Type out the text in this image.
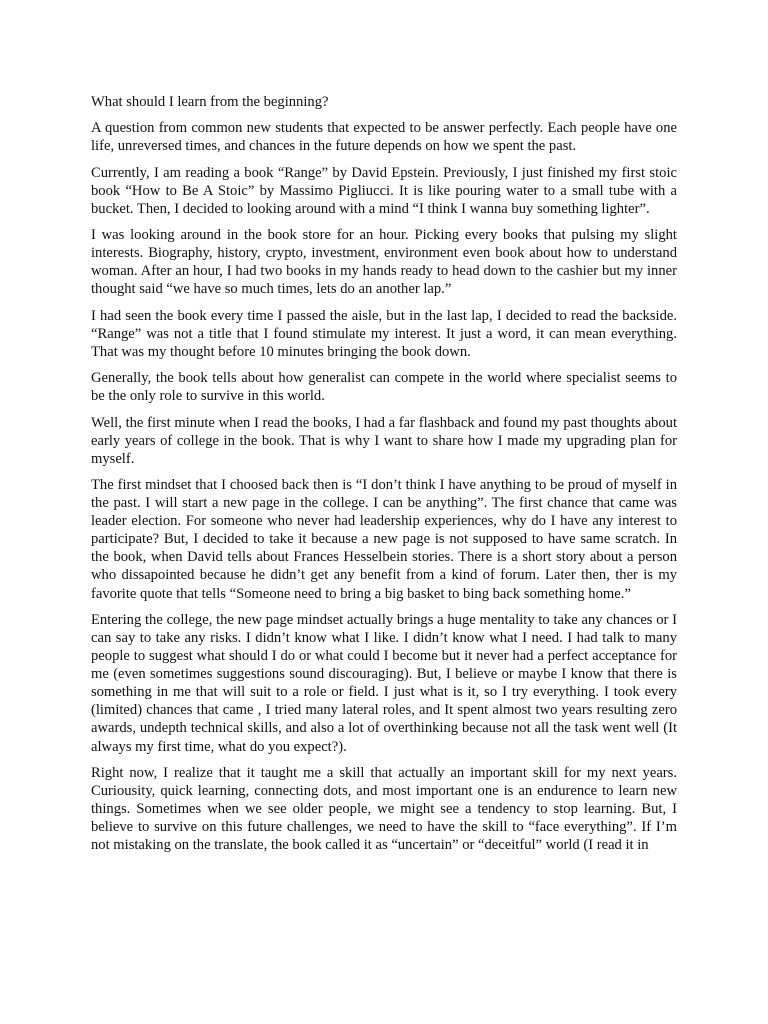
What should I learn from the beginning?

A question from common new students that expected to be answer perfectly. Each people have one life, unreversed times, and chances in the future depends on how we spent the past.

Currently, I am reading a book “Range” by David Epstein. Previously, I just finished my first stoic book “How to Be A Stoic” by Massimo Pigliucci. It is like pouring water to a small tube with a bucket. Then, I decided to looking around with a mind “I think I wanna buy something lighter”.

I was looking around in the book store for an hour. Picking every books that pulsing my slight interests. Biography, history, crypto, investment, environment even book about how to understand woman. After an hour, I had two books in my hands ready to head down to the cashier but my inner thought said “we have so much times, lets do an another lap.”

I had seen the book every time I passed the aisle, but in the last lap, I decided to read the backside. “Range” was not a title that I found stimulate my interest. It just a word, it can mean everything. That was my thought before 10 minutes bringing the book down.

Generally, the book tells about how generalist can compete in the world where specialist seems to be the only role to survive in this world.

Well, the first minute when I read the books, I had a far flashback and found my past thoughts about early years of college in the book. That is why I want to share how I made my upgrading plan for myself.

The first mindset that I choosed back then is “I don’t think I have anything to be proud of myself in the past. I will start a new page in the college. I can be anything”. The first chance that came was leader election. For someone who never had leadership experiences, why do I have any interest to participate? But, I decided to take it because a new page is not supposed to have same scratch. In the book, when David tells about Frances Hesselbein stories. There is a short story about a person who dissapointed because he didn’t get any benefit from a kind of forum. Later then, ther is my favorite quote that tells “Someone need to bring a big basket to bing back something home.”

Entering the college, the new page mindset actually brings a huge mentality to take any chances or I can say to take any risks. I didn’t know what I like. I didn’t know what I need. I had talk to many people to suggest what should I do or what could I become but it never had a perfect acceptance for me (even sometimes suggestions sound discouraging). But, I believe or maybe I know that there is something in me that will suit to a role or field. I just what is it, so I try everything. I took every (limited) chances that came , I tried many lateral roles, and It spent almost two years resulting zero awards, undepth technical skills, and also a lot of overthinking because not all the task went well (It always my first time, what do you expect?).

Right now, I realize that it taught me a skill that actually an important skill for my next years. Curiousity, quick learning, connecting dots, and most important one is an endurence to learn new things. Sometimes when we see older people, we might see a tendency to stop learning. But, I believe to survive on this future challenges, we need to have the skill to “face everything”. If I’m not mistaking on the translate, the book called it as “uncertain” or “deceitful” world (I read it in
